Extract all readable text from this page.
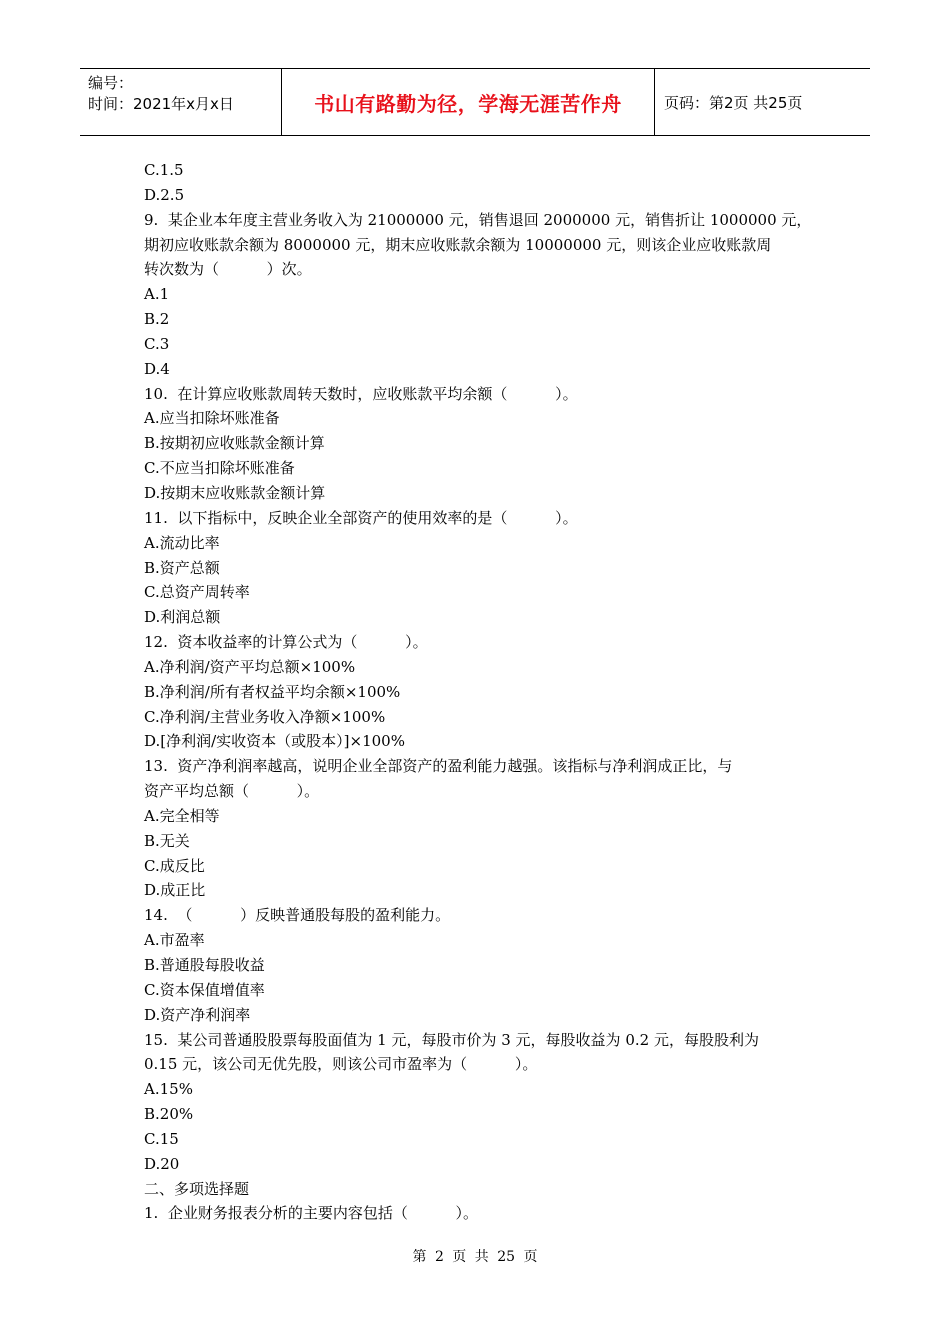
编号：
时间：2021年x月x日	书山有路勤为径，学海无涯苦作舟	页码：第2页 共25页
C.1.5
D.2.5
9.  某企业本年度主营业务收入为 21000000 元，销售退回 2000000 元，销售折让 1000000 元，
期初应收账款余额为 8000000 元，期末应收账款余额为 10000000 元，则该企业应收账款周
转次数为（          ）次。
A.1
B.2
C.3
D.4
10.  在计算应收账款周转天数时，应收账款平均余额（          ）。
A.应当扣除坏账准备
B.按期初应收账款金额计算
C.不应当扣除坏账准备
D.按期末应收账款金额计算
11.  以下指标中，反映企业全部资产的使用效率的是（          ）。
A.流动比率
B.资产总额
C.总资产周转率
D.利润总额
12.  资本收益率的计算公式为（          ）。
A.净利润/资产平均总额×100%
B.净利润/所有者权益平均余额×100%
C.净利润/主营业务收入净额×100%
D.[净利润/实收资本（或股本）]×100%
13.  资产净利润率越高，说明企业全部资产的盈利能力越强。该指标与净利润成正比，与
资产平均总额（          ）。
A.完全相等
B.无关
C.成反比
D.成正比
14.  （          ）反映普通股每股的盈利能力。
A.市盈率
B.普通股每股收益
C.资本保值增值率
D.资产净利润率
15.  某公司普通股股票每股面值为 1 元，每股市价为 3 元，每股收益为 0.2 元，每股股利为
0.15 元，该公司无优先股，则该公司市盈率为（          ）。
A.15%
B.20%
C.15
D.20
二、多项选择题
1.  企业财务报表分析的主要内容包括（          ）。
第 2 页 共 25 页
